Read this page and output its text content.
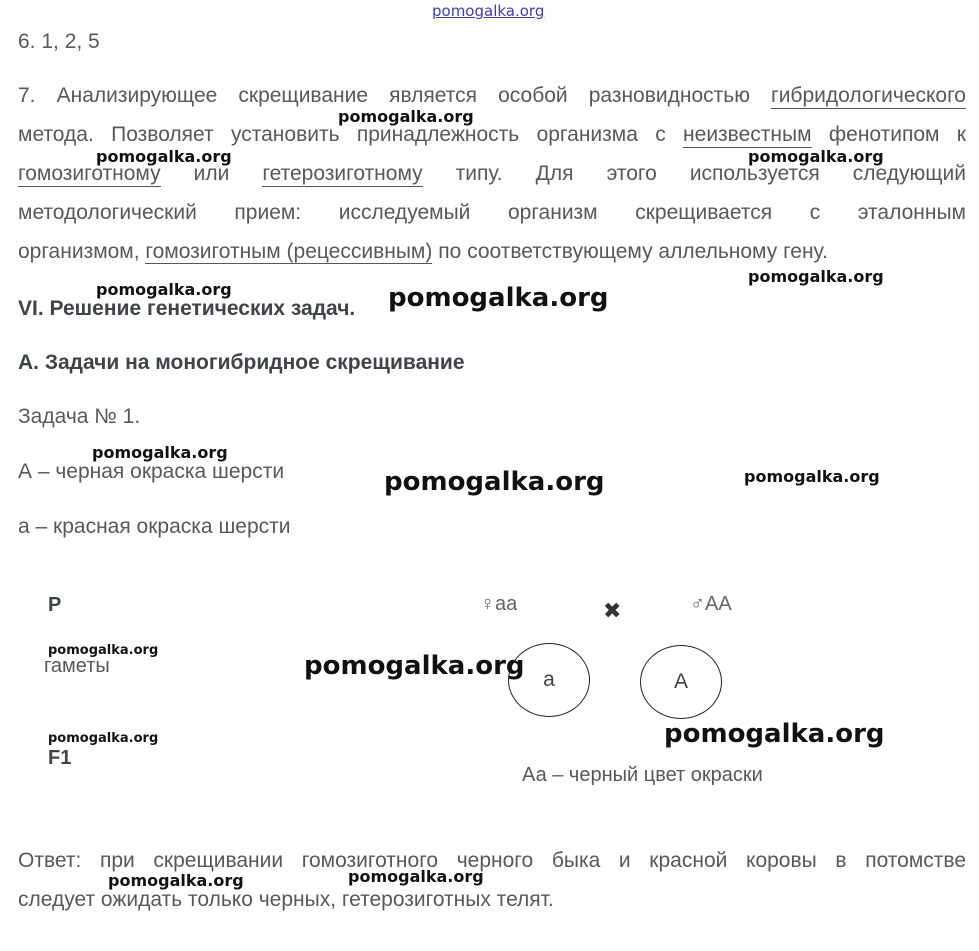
pomogalka.org
6. 1, 2, 5
7. Анализирующее скрещивание является особой разновидностью гибридологического
метода. Позволяет установить принадлежность организма с неизвестным фенотипом к
гомозиготному или гетерозиготному типу. Для этого используется следующий
методологический прием: исследуемый организм скрещивается с эталонным
организмом, гомозиготным (рецессивным) по соответствующему аллельному гену.
VI. Решение генетических задач.
А. Задачи на моногибридное скрещивание
Задача № 1.
А – черная окраска шерсти
а – красная окраска шерсти
Р	♀аа	✖	♂АА
гаметы
а	А
F1
Аа – черный цвет окраски
Ответ: при скрещивании гомозиготного черного быка и красной коровы в потомстве
следует ожидать только черных, гетерозиготных телят.
pomogalka.org
pomogalka.org	pomogalka.org
pomogalka.org
pomogalka.org	pomogalka.org
pomogalka.org
pomogalka.org	pomogalka.org
pomogalka.org
pomogalka.org
pomogalka.org	pomogalka.org
pomogalka.org
pomogalka.org
